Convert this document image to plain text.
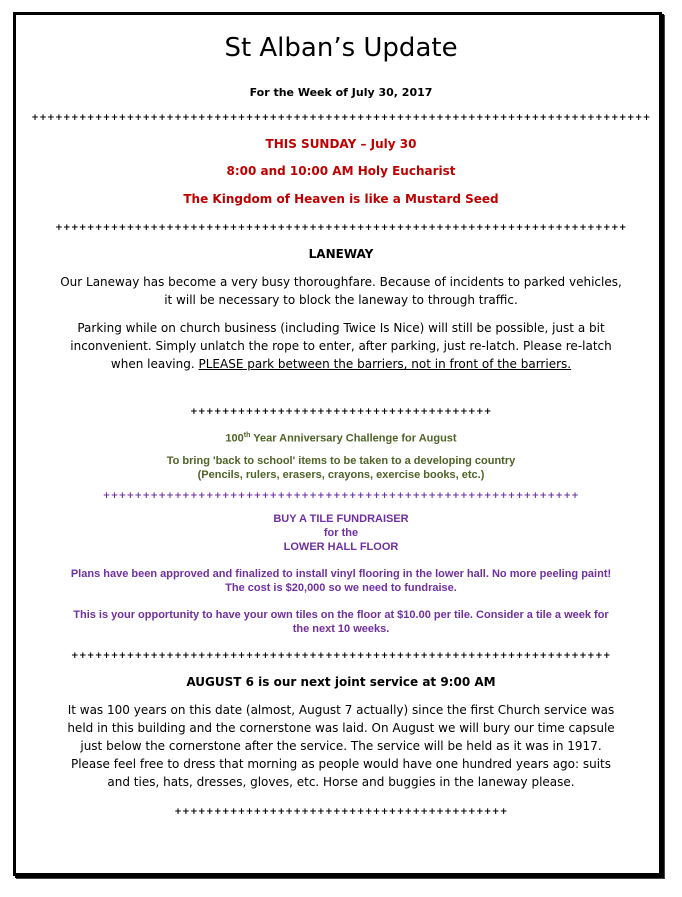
St Alban’s Update
For the Week of July 30, 2017
++++++++++++++++++++++++++++++++++++++++++++++++++++++++++++++++++++++++++++++
THIS SUNDAY – July 30
8:00 and 10:00 AM Holy Eucharist
The Kingdom of Heaven is like a Mustard Seed
++++++++++++++++++++++++++++++++++++++++++++++++++++++++++++++++++++++++
LANEWAY
Our Laneway has become a very busy thoroughfare. Because of incidents to parked vehicles,
it will be necessary to block the laneway to through traffic.
Parking while on church business (including Twice Is Nice) will still be possible, just a bit
inconvenient. Simply unlatch the rope to enter, after parking, just re-latch. Please re-latch
when leaving. PLEASE park between the barriers, not in front of the barriers.
++++++++++++++++++++++++++++++++++++++
100th Year Anniversary Challenge for August
To bring 'back to school' items to be taken to a developing country
(Pencils, rulers, erasers, crayons, exercise books, etc.)
++++++++++++++++++++++++++++++++++++++++++++++++++++++++++++
BUY A TILE FUNDRAISER
for the
LOWER HALL FLOOR
Plans have been approved and finalized to install vinyl flooring in the lower hall. No more peeling paint!
The cost is $20,000 so we need to fundraise.
This is your opportunity to have your own tiles on the floor at $10.00 per tile. Consider a tile a week for
the next 10 weeks.
++++++++++++++++++++++++++++++++++++++++++++++++++++++++++++++++++++
AUGUST 6 is our next joint service at 9:00 AM
It was 100 years on this date (almost, August 7 actually) since the first Church service was
held in this building and the cornerstone was laid. On August we will bury our time capsule
just below the cornerstone after the service. The service will be held as it was in 1917.
Please feel free to dress that morning as people would have one hundred years ago: suits
and ties, hats, dresses, gloves, etc. Horse and buggies in the laneway please.
++++++++++++++++++++++++++++++++++++++++++
